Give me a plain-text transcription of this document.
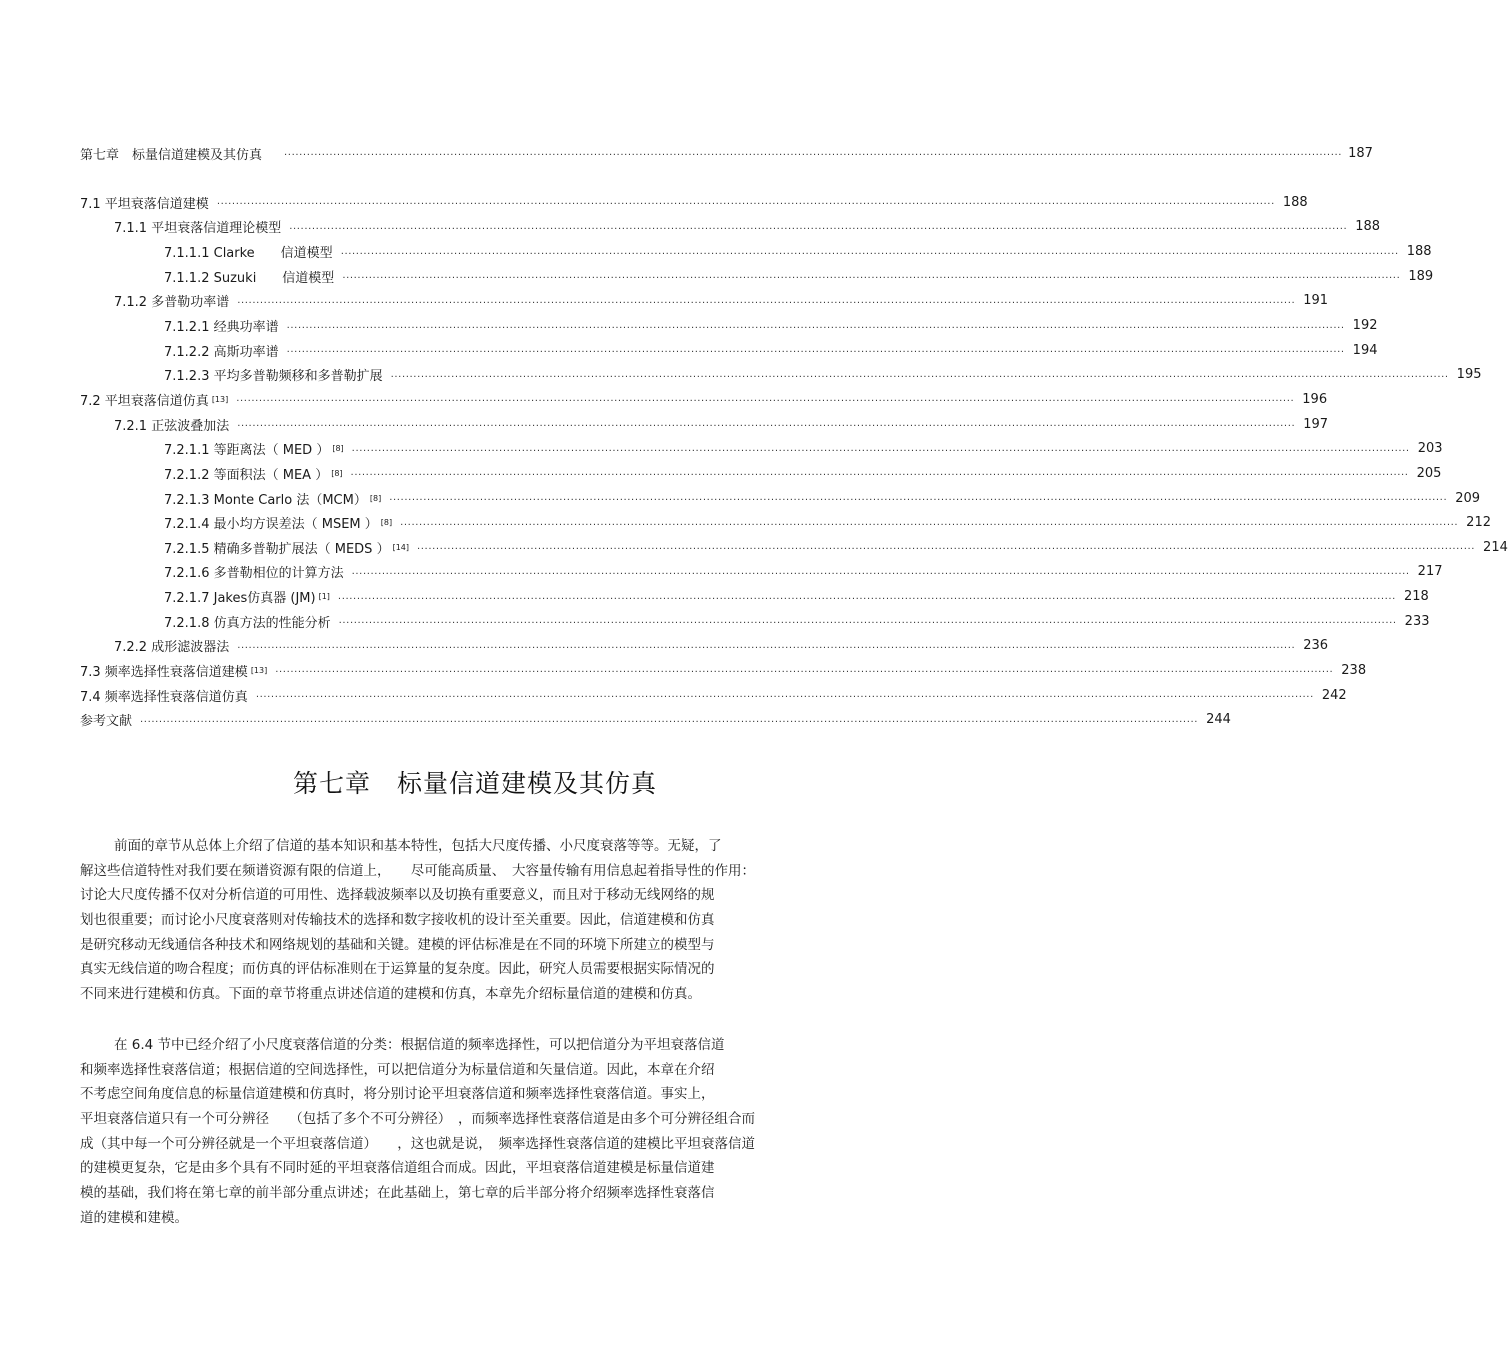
第七章　标量信道建模及其仿真 ........................................................................................................................................................................................................................................................................................ 187
7.1 平坦衰落信道建模 ........................................................................................................................................................................................................................................................................................ 188
7.1.1 平坦衰落信道理论模型 ........................................................................................................................................................................................................................................................................................ 188
7.1.1.1 Clarke　　信道模型 ........................................................................................................................................................................................................................................................................................ 188
7.1.1.2 Suzuki　　信道模型 ........................................................................................................................................................................................................................................................................................ 189
7.1.2 多普勒功率谱 ........................................................................................................................................................................................................................................................................................ 191
7.1.2.1 经典功率谱 ........................................................................................................................................................................................................................................................................................ 192
7.1.2.2 高斯功率谱 ........................................................................................................................................................................................................................................................................................ 194
7.1.2.3 平均多普勒频移和多普勒扩展 ........................................................................................................................................................................................................................................................................................ 195
7.2 平坦衰落信道仿真 [13] ........................................................................................................................................................................................................................................................................................ 196
7.2.1 正弦波叠加法 ........................................................................................................................................................................................................................................................................................ 197
7.2.1.1 等距离法（ MED ） [8] ........................................................................................................................................................................................................................................................................................ 203
7.2.1.2 等面积法（ MEA ） [8] ........................................................................................................................................................................................................................................................................................ 205
7.2.1.3 Monte Carlo 法（MCM） [8] ........................................................................................................................................................................................................................................................................................ 209
7.2.1.4 最小均方误差法（ MSEM ） [8] ........................................................................................................................................................................................................................................................................................ 212
7.2.1.5 精确多普勒扩展法（ MEDS ） [14] ........................................................................................................................................................................................................................................................................................ 214
7.2.1.6 多普勒相位的计算方法 ........................................................................................................................................................................................................................................................................................ 217
7.2.1.7 Jakes仿真器 (JM) [1] ........................................................................................................................................................................................................................................................................................ 218
7.2.1.8 仿真方法的性能分析 ........................................................................................................................................................................................................................................................................................ 233
7.2.2 成形滤波器法 ........................................................................................................................................................................................................................................................................................ 236
7.3 频率选择性衰落信道建模 [13] ........................................................................................................................................................................................................................................................................................ 238
7.4 频率选择性衰落信道仿真 ........................................................................................................................................................................................................................................................................................ 242
参考文献 ........................................................................................................................................................................................................................................................................................ 244
第七章　标量信道建模及其仿真
前面的章节从总体上介绍了信道的基本知识和基本特性，包括大尺度传播、小尺度衰落等等。无疑，了
解这些信道特性对我们要在频谱资源有限的信道上，　　尽可能高质量、　大容量传输有用信息起着指导性的作用：
讨论大尺度传播不仅对分析信道的可用性、选择载波频率以及切换有重要意义，而且对于移动无线网络的规
划也很重要；而讨论小尺度衰落则对传输技术的选择和数字接收机的设计至关重要。因此，信道建模和仿真
是研究移动无线通信各种技术和网络规划的基础和关键。建模的评估标准是在不同的环境下所建立的模型与
真实无线信道的吻合程度；而仿真的评估标准则在于运算量的复杂度。因此，研究人员需要根据实际情况的
不同来进行建模和仿真。下面的章节将重点讲述信道的建模和仿真，本章先介绍标量信道的建模和仿真。
在 6.4 节中已经介绍了小尺度衰落信道的分类：根据信道的频率选择性，可以把信道分为平坦衰落信道
和频率选择性衰落信道；根据信道的空间选择性，可以把信道分为标量信道和矢量信道。因此，本章在介绍
不考虑空间角度信息的标量信道建模和仿真时，将分别讨论平坦衰落信道和频率选择性衰落信道。事实上，
平坦衰落信道只有一个可分辨径　　（包括了多个不可分辨径）　，而频率选择性衰落信道是由多个可分辨径组合而
成（其中每一个可分辨径就是一个平坦衰落信道）　　，这也就是说，　频率选择性衰落信道的建模比平坦衰落信道
的建模更复杂，它是由多个具有不同时延的平坦衰落信道组合而成。因此，平坦衰落信道建模是标量信道建
模的基础，我们将在第七章的前半部分重点讲述；在此基础上，第七章的后半部分将介绍频率选择性衰落信
道的建模和建模。
